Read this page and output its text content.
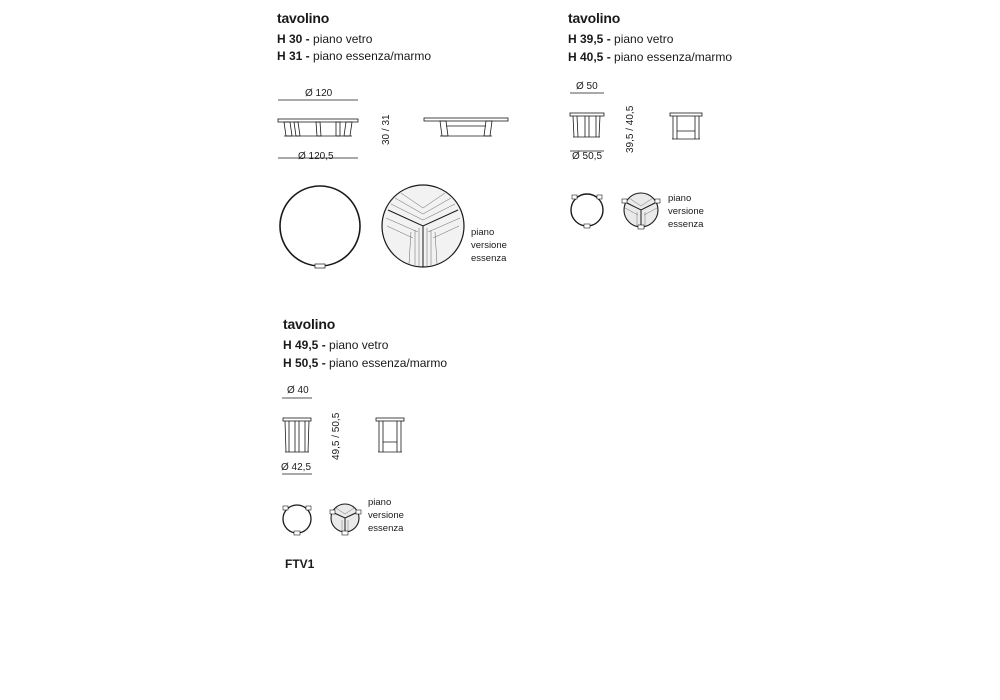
tavolino
H 30 - piano vetro
H 31 - piano essenza/marmo
Ø 120
Ø 120,5
30 / 31
piano
versione
essenza
tavolino
H 39,5 - piano vetro
H 40,5 - piano essenza/marmo
Ø 50
Ø 50,5
39,5 / 40,5
piano
versione
essenza
tavolino
H 49,5 - piano vetro
H 50,5 - piano essenza/marmo
Ø 40
Ø 42,5
49,5 / 50,5
piano
versione
essenza
FTV1
